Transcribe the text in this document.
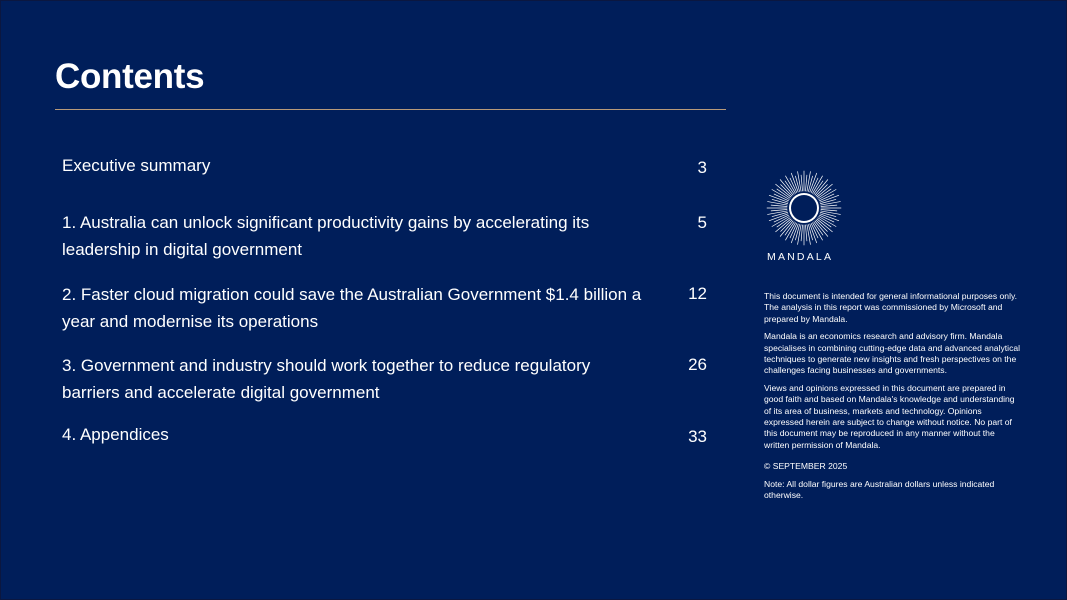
Contents
Executive summary	3
1. Australia can unlock significant productivity gains by accelerating its leadership in digital government
5
2. Faster cloud migration could save the Australian Government $1.4 billion a year and modernise its operations
12
3. Government and industry should work together to reduce regulatory barriers and accelerate digital government
26
4. Appendices	33
MANDALA

This document is intended for general informational purposes only. The analysis in this report was commissioned by Microsoft and prepared by Mandala.

Mandala is an economics research and advisory firm. Mandala specialises in combining cutting-edge data and advanced analytical techniques to generate new insights and fresh perspectives on the challenges facing businesses and governments.

Views and opinions expressed in this document are prepared in good faith and based on Mandala's knowledge and understanding of its area of business, markets and technology. Opinions expressed herein are subject to change without notice. No part of this document may be reproduced in any manner without the written permission of Mandala.

© SEPTEMBER 2025

Note: All dollar figures are Australian dollars unless indicated otherwise.
